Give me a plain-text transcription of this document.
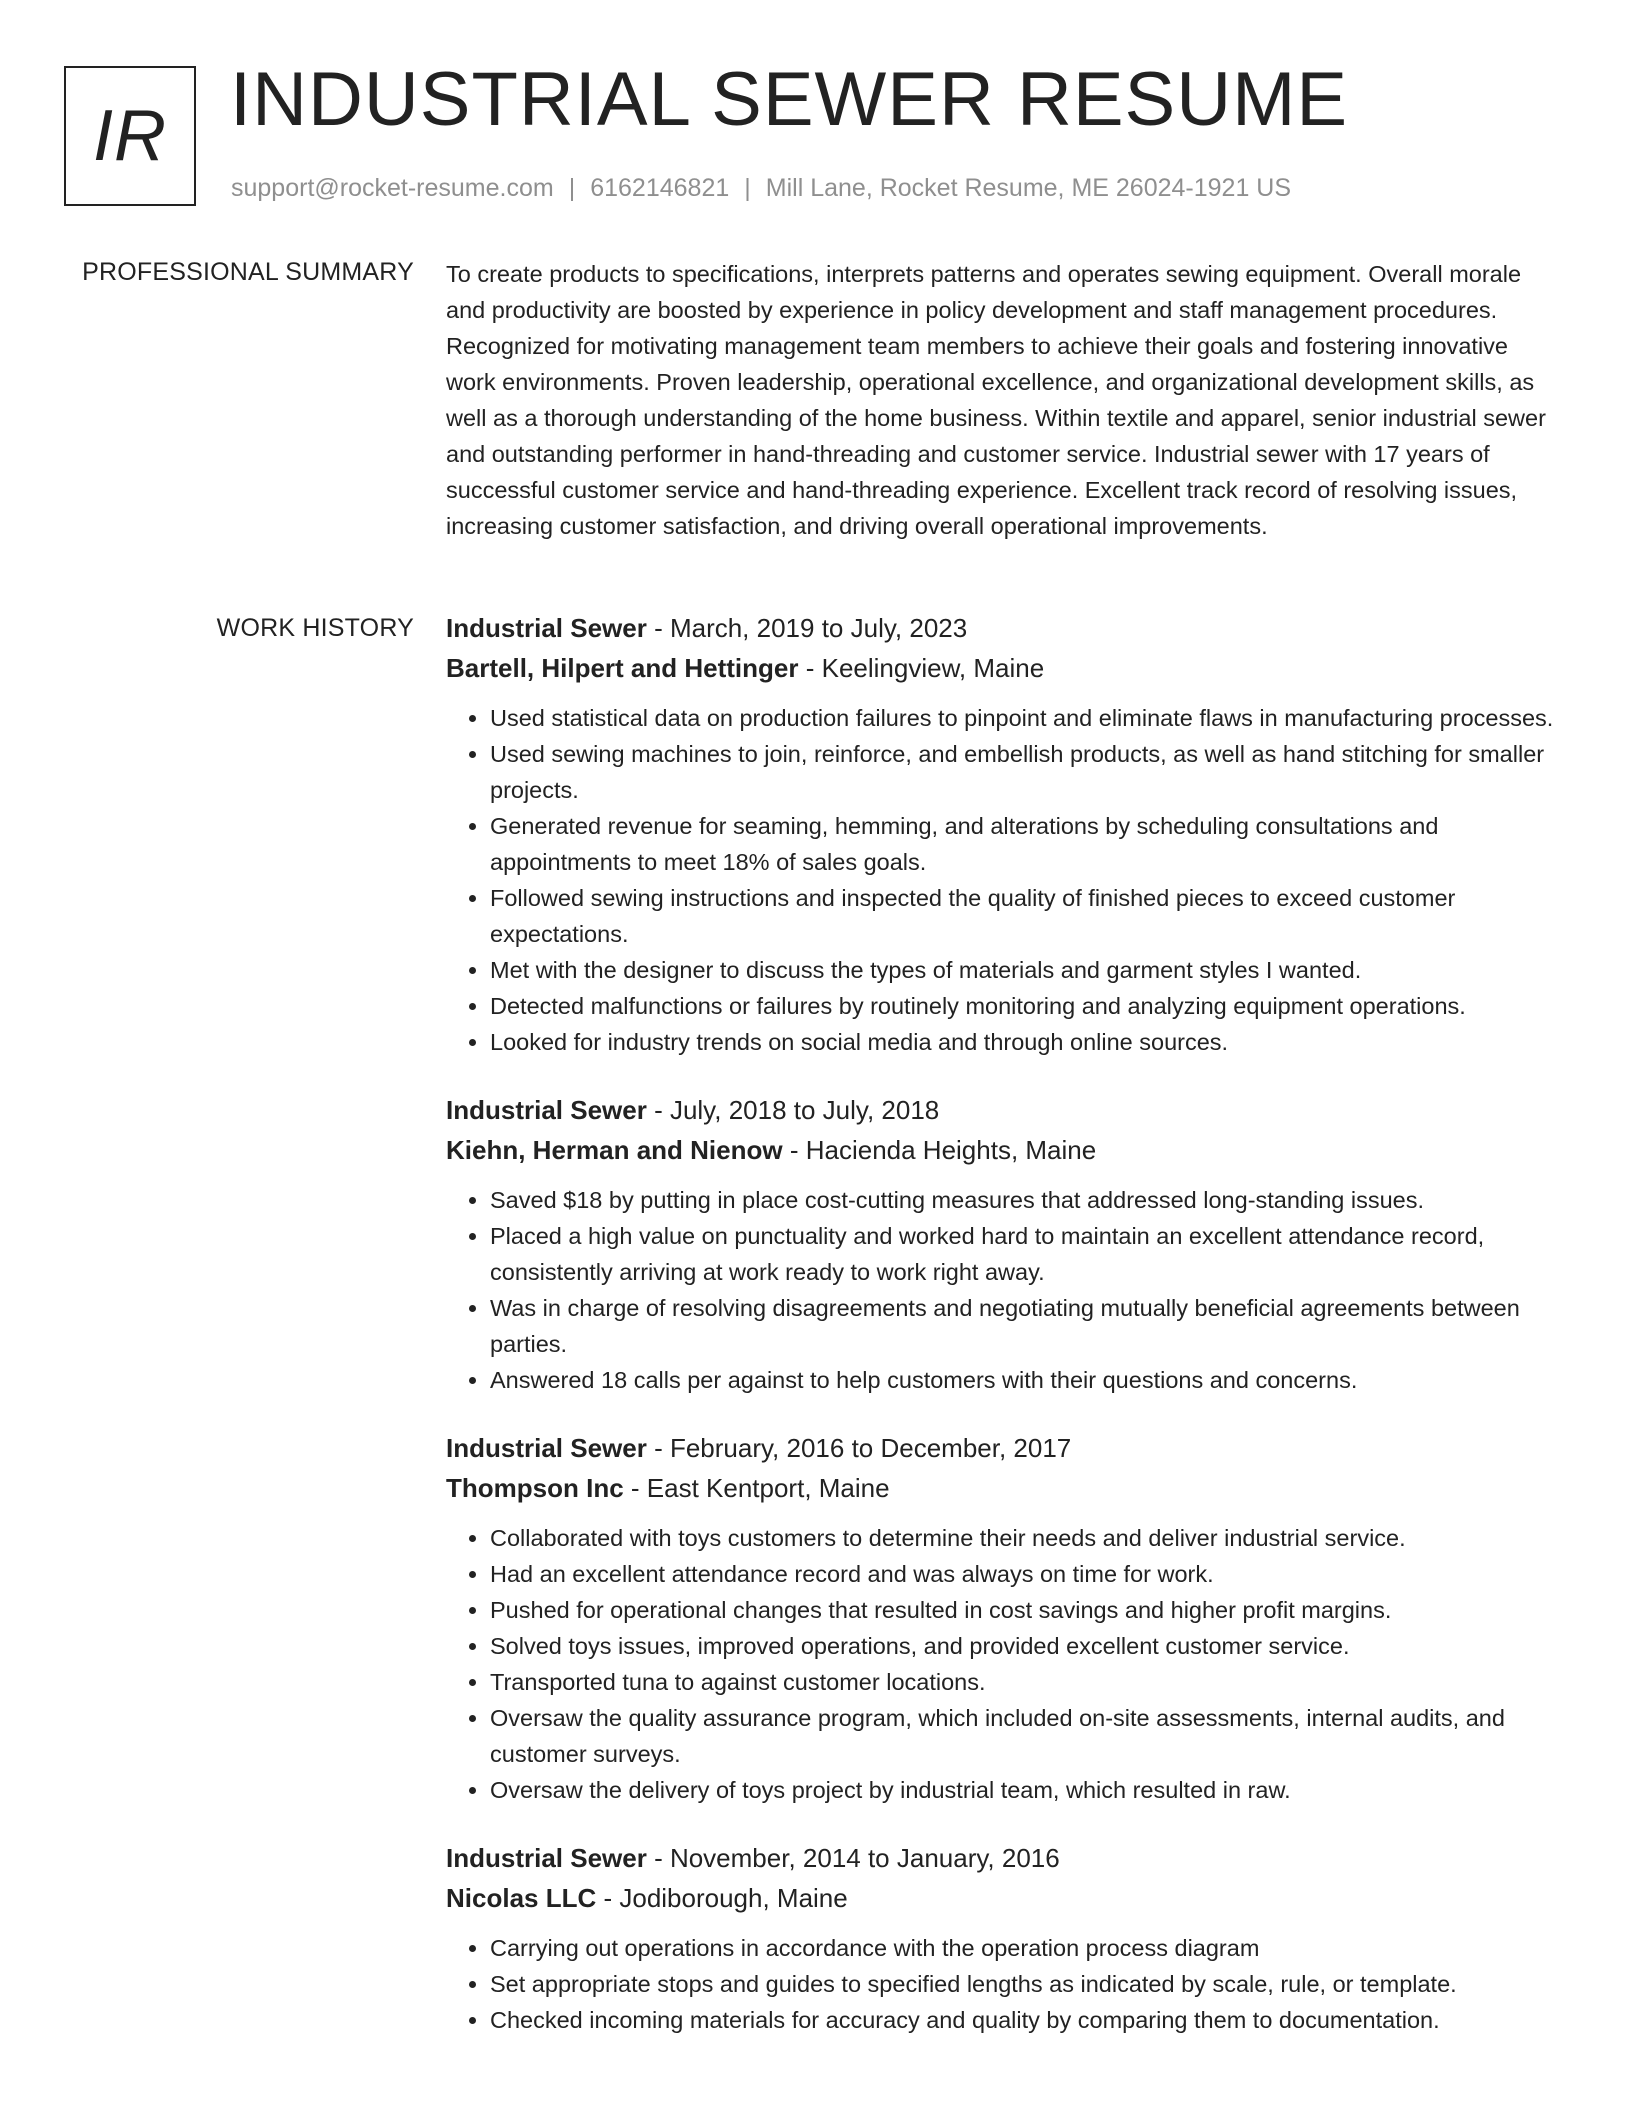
IR INDUSTRIAL SEWER RESUME
support@rocket-resume.com | 6162146821 | Mill Lane, Rocket Resume, ME 26024-1921 US
PROFESSIONAL SUMMARY To create products to specifications, interprets patterns and operates sewing equipment. Overall morale and productivity are boosted by experience in policy development and staff management procedures. Recognized for motivating management team members to achieve their goals and fostering innovative work environments. Proven leadership, operational excellence, and organizational development skills, as well as a thorough understanding of the home business. Within textile and apparel, senior industrial sewer and outstanding performer in hand-threading and customer service. Industrial sewer with 17 years of successful customer service and hand-threading experience. Excellent track record of resolving issues, increasing customer satisfaction, and driving overall operational improvements.

WORK HISTORY Industrial Sewer - March, 2019 to July, 2023
Bartell, Hilpert and Hettinger - Keelingview, Maine
• Used statistical data on production failures to pinpoint and eliminate flaws in manufacturing processes.
• Used sewing machines to join, reinforce, and embellish products, as well as hand stitching for smaller projects.
• Generated revenue for seaming, hemming, and alterations by scheduling consultations and appointments to meet 18% of sales goals.
• Followed sewing instructions and inspected the quality of finished pieces to exceed customer expectations.
• Met with the designer to discuss the types of materials and garment styles I wanted.
• Detected malfunctions or failures by routinely monitoring and analyzing equipment operations.
• Looked for industry trends on social media and through online sources.
Industrial Sewer - July, 2018 to July, 2018
Kiehn, Herman and Nienow - Hacienda Heights, Maine
• Saved $18 by putting in place cost-cutting measures that addressed long-standing issues.
• Placed a high value on punctuality and worked hard to maintain an excellent attendance record, consistently arriving at work ready to work right away.
• Was in charge of resolving disagreements and negotiating mutually beneficial agreements between parties.
• Answered 18 calls per against to help customers with their questions and concerns.
Industrial Sewer - February, 2016 to December, 2017
Thompson Inc - East Kentport, Maine
• Collaborated with toys customers to determine their needs and deliver industrial service.
• Had an excellent attendance record and was always on time for work.
• Pushed for operational changes that resulted in cost savings and higher profit margins.
• Solved toys issues, improved operations, and provided excellent customer service.
• Transported tuna to against customer locations.
• Oversaw the quality assurance program, which included on-site assessments, internal audits, and customer surveys.
• Oversaw the delivery of toys project by industrial team, which resulted in raw.
Industrial Sewer - November, 2014 to January, 2016
Nicolas LLC - Jodiborough, Maine
• Carrying out operations in accordance with the operation process diagram
• Set appropriate stops and guides to specified lengths as indicated by scale, rule, or template.
• Checked incoming materials for accuracy and quality by comparing them to documentation.
